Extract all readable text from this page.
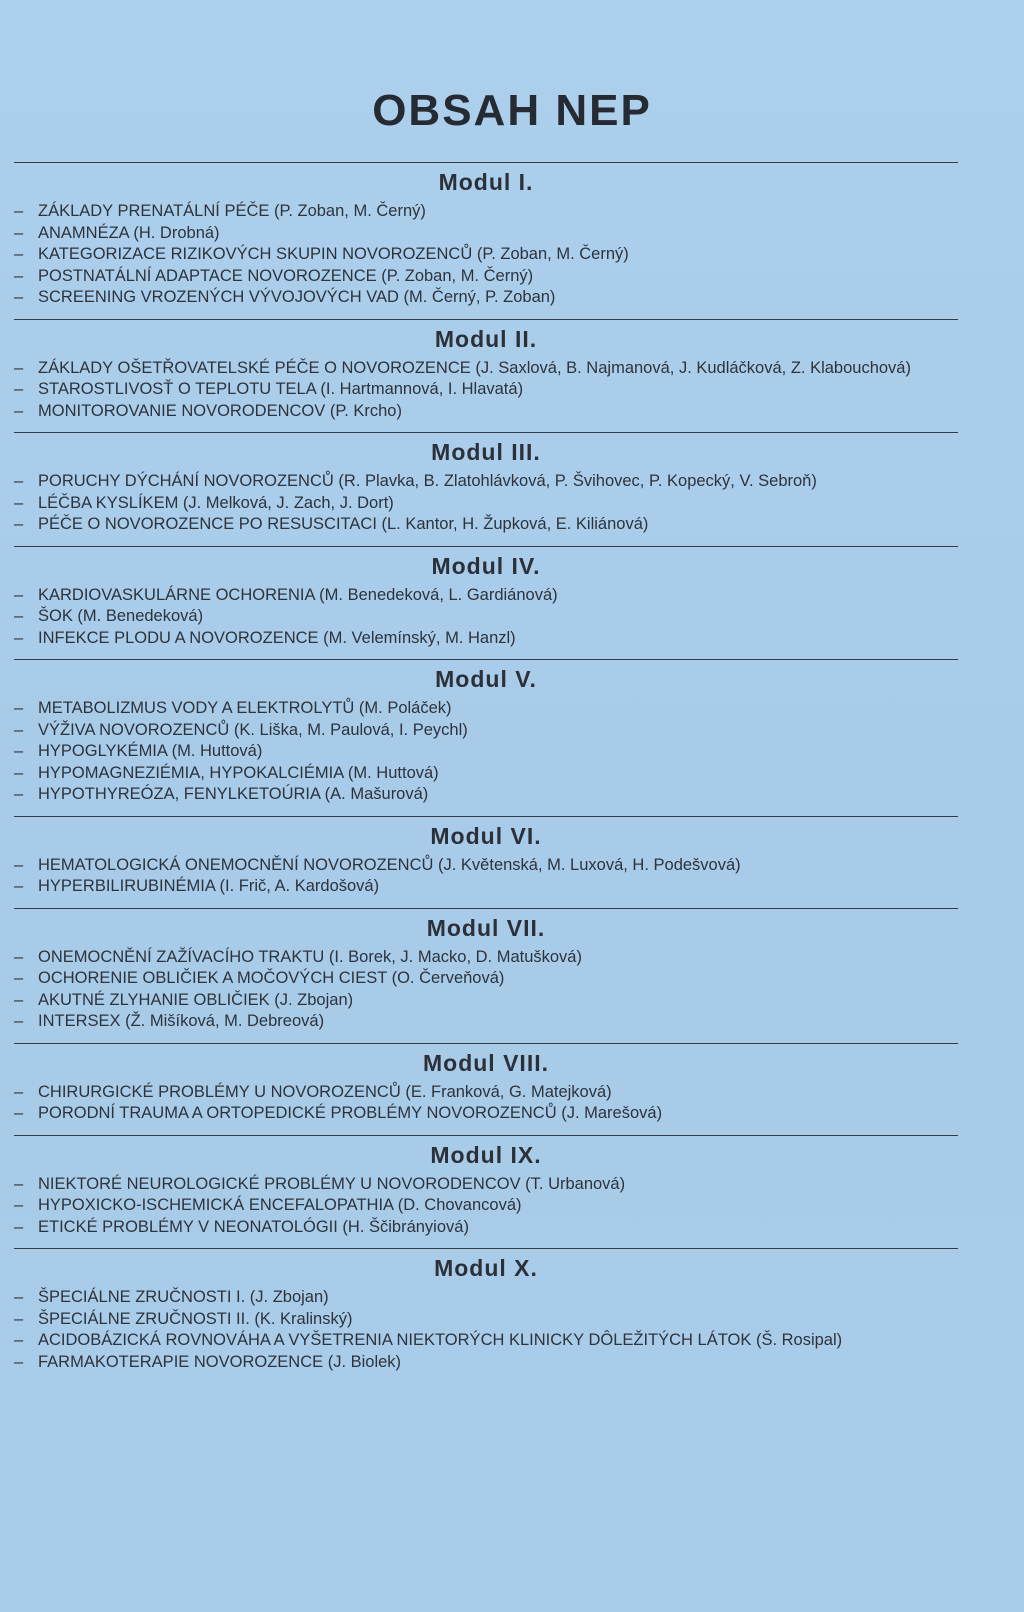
OBSAH NEP
Modul I.
– ZÁKLADY PRENATÁLNÍ PÉČE (P. Zoban, M. Černý)
– ANAMNÉZA (H. Drobná)
– KATEGORIZACE RIZIKOVÝCH SKUPIN NOVOROZENCŮ (P. Zoban, M. Černý)
– POSTNATÁLNÍ ADAPTACE NOVOROZENCE (P. Zoban, M. Černý)
– SCREENING VROZENÝCH VÝVOJOVÝCH VAD (M. Černý, P. Zoban)
Modul II.
– ZÁKLADY OŠETŘOVATELSKÉ PÉČE O NOVOROZENCE (J. Saxlová, B. Najmanová, J. Kudláčková, Z. Klabouchová)
– STAROSTLIVOSŤ O TEPLOTU TELA (I. Hartmannová, I. Hlavatá)
– MONITOROVANIE NOVORODENCOV (P. Krcho)
Modul III.
– PORUCHY DÝCHÁNÍ NOVOROZENCŮ (R. Plavka, B. Zlatohlávková, P. Švihovec, P. Kopecký, V. Sebroň)
– LÉČBA KYSLÍKEM (J. Melková, J. Zach, J. Dort)
– PÉČE O NOVOROZENCE PO RESUSCITACI (L. Kantor, H. Župková, E. Kiliánová)
Modul IV.
– KARDIOVASKULÁRNE OCHORENIA (M. Benedeková, L. Gardiánová)
– ŠOK (M. Benedeková)
– INFEKCE PLODU A NOVOROZENCE (M. Velemínský, M. Hanzl)
Modul V.
– METABOLIZMUS VODY A ELEKTROLYTŮ (M. Poláček)
– VÝŽIVA NOVOROZENCŮ (K. Liška, M. Paulová, I. Peychl)
– HYPOGLYKÉMIA (M. Huttová)
– HYPOMAGNEZIÉMIA, HYPOKALCIÉMIA (M. Huttová)
– HYPOTHYREÓZA, FENYLKETOÚRIA (A. Mašurová)
Modul VI.
– HEMATOLOGICKÁ ONEMOCNĚNÍ NOVOROZENCŮ (J. Květenská, M. Luxová, H. Podešvová)
– HYPERBILIRUBINÉMIA (I. Frič, A. Kardošová)
Modul VII.
– ONEMOCNĚNÍ ZAŽÍVACÍHO TRAKTU (I. Borek, J. Macko, D. Matušková)
– OCHORENIE OBLIČIEK A MOČOVÝCH CIEST (O. Červeňová)
– AKUTNÉ ZLYHANIE OBLIČIEK (J. Zbojan)
– INTERSEX (Ž. Mišíková, M. Debreová)
Modul VIII.
– CHIRURGICKÉ PROBLÉMY U NOVOROZENCŮ (E. Franková, G. Matejková)
– PORODNÍ TRAUMA A ORTOPEDICKÉ PROBLÉMY NOVOROZENCŮ (J. Marešová)
Modul IX.
– NIEKTORÉ NEUROLOGICKÉ PROBLÉMY U NOVORODENCOV (T. Urbanová)
– HYPOXICKO-ISCHEMICKÁ ENCEFALOPATHIA (D. Chovancová)
– ETICKÉ PROBLÉMY V NEONATOLÓGII (H. Ščibrányiová)
Modul X.
– ŠPECIÁLNE ZRUČNOSTI I. (J. Zbojan)
– ŠPECIÁLNE ZRUČNOSTI II. (K. Kralinský)
– ACIDOBÁZICKÁ ROVNOVÁHA A VYŠETRENIA NIEKTORÝCH KLINICKY DÔLEŽITÝCH LÁTOK (Š. Rosipal)
– FARMAKOTERAPIE NOVOROZENCE (J. Biolek)
